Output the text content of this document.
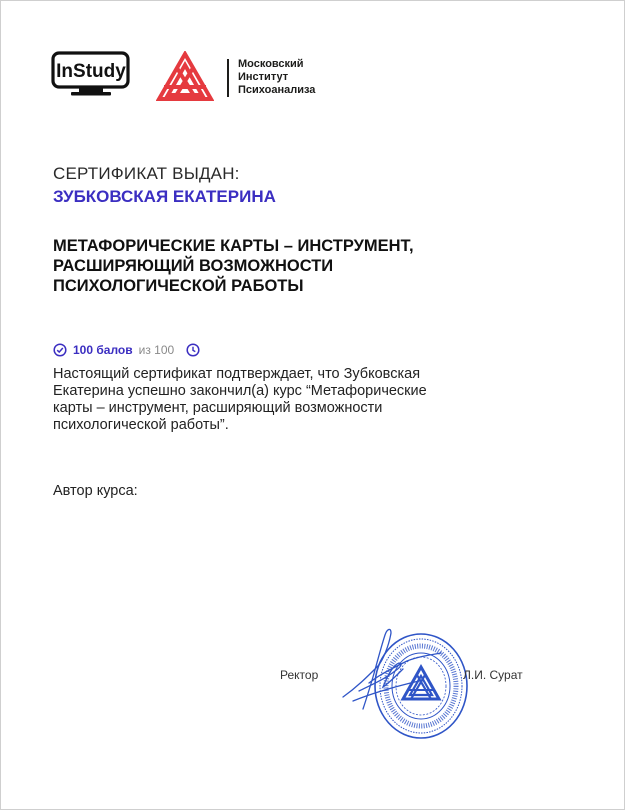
InStudy	Московский
Институт
Психоанализа
СЕРТИФИКАТ ВЫДАН:
ЗУБКОВСКАЯ ЕКАТЕРИНА
МЕТАФОРИЧЕСКИЕ КАРТЫ – ИНСТРУМЕНТ,
РАСШИРЯЮЩИЙ ВОЗМОЖНОСТИ
ПСИХОЛОГИЧЕСКОЙ РАБОТЫ
100 балов из 100
Настоящий сертификат подтверждает, что Зубковская
Екатерина успешно закончил(а) курс “Метафорические
карты – инструмент, расширяющий возможности
психологической работы”.
Автор курса:
Ректор	Л.И. Сурат
